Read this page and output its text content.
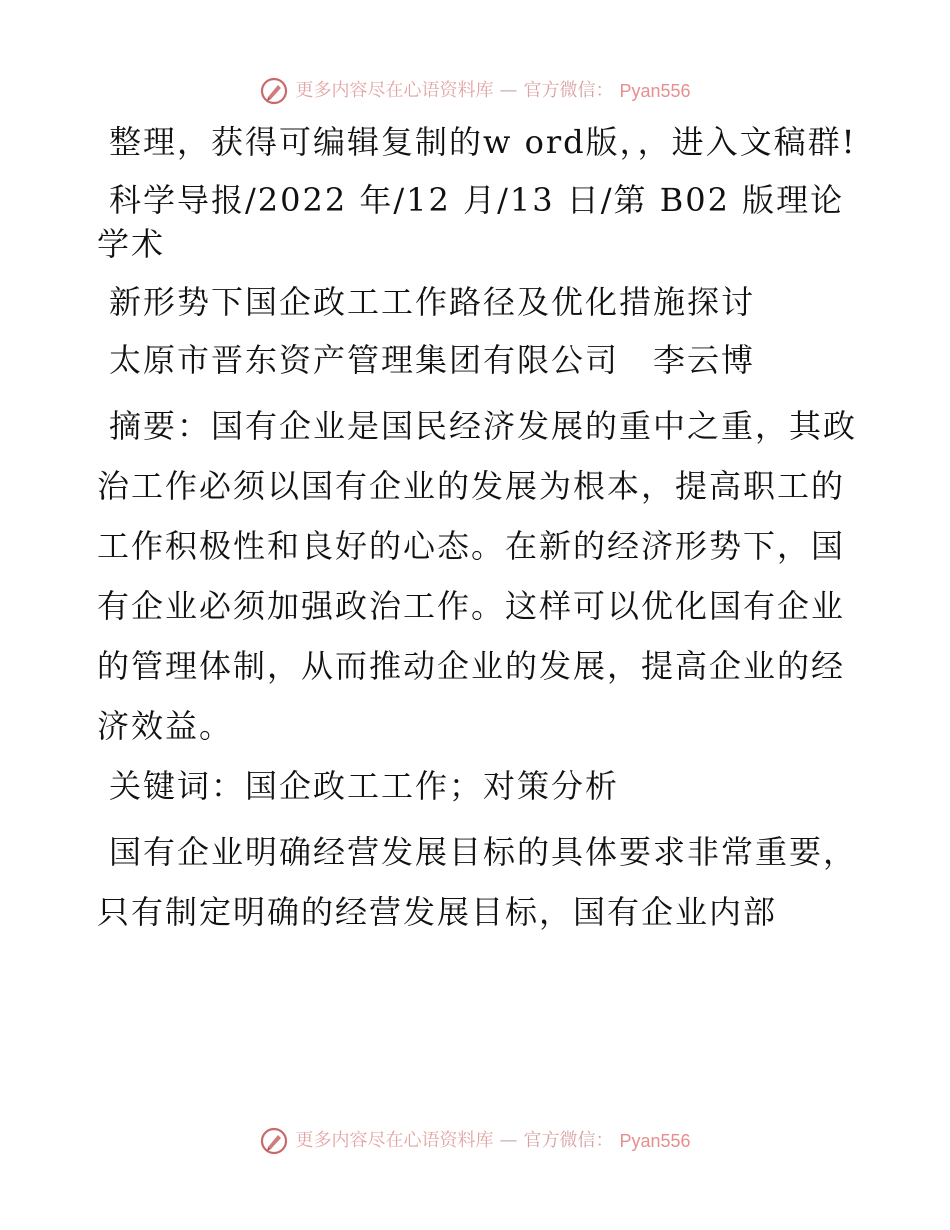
更多内容尽在心语资料库 — 官方微信： Pyan556

整理，获得可编辑复制的w ord版，，进入文稿群!

科学导报/2022 年/12 月/13 日/第 B02 版理论学术

新形势下国企政工工作路径及优化措施探讨

太原市晋东资产管理集团有限公司　李云博

摘要：国有企业是国民经济发展的重中之重，其政治工作必须以国有企业的发展为根本，提高职工的工作积极性和良好的心态。在新的经济形势下，国有企业必须加强政治工作。这样可以优化国有企业的管理体制，从而推动企业的发展，提高企业的经济效益。

关键词：国企政工工作；对策分析

国有企业明确经营发展目标的具体要求非常重要，只有制定明确的经营发展目标，国有企业内部

更多内容尽在心语资料库 — 官方微信： Pyan556
